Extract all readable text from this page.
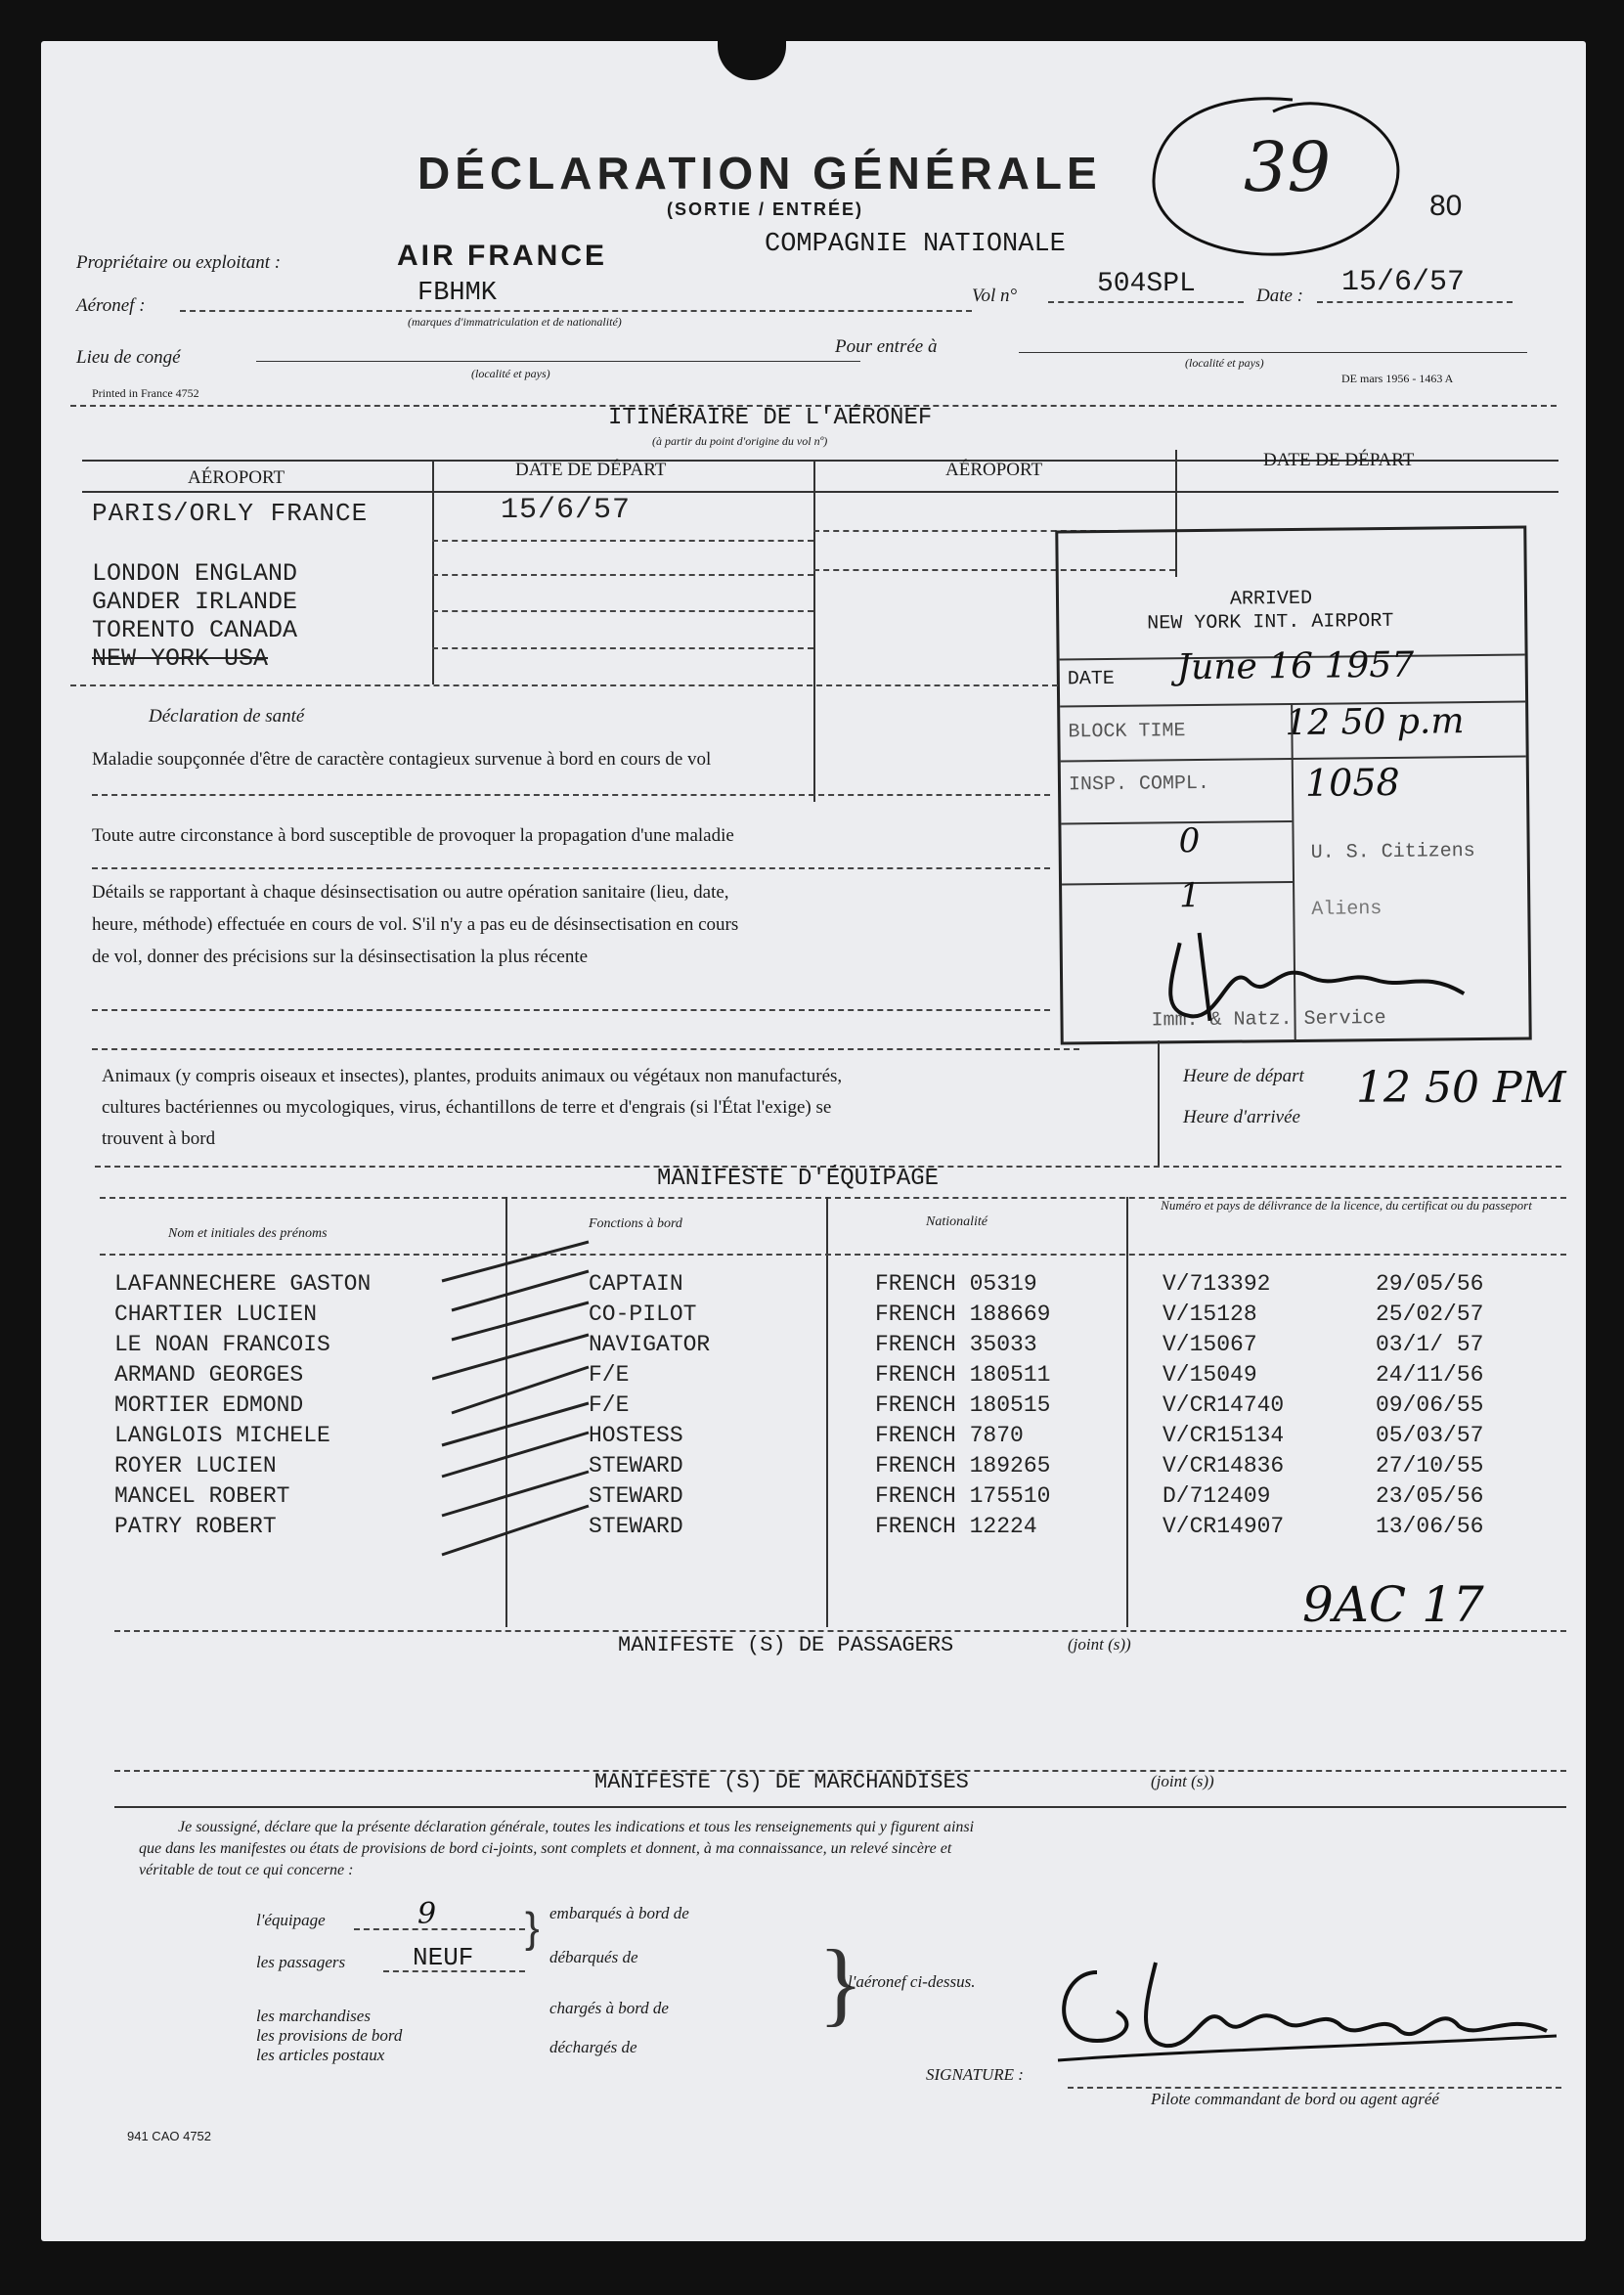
DÉCLARATION GÉNÉRALE
(SORTIE / ENTRÉE)
39	80
Propriétaire ou exploitant :	AIR FRANCE	COMPAGNIE NATIONALE
Aéronef :	FBHMK
(marques d'immatriculation et de nationalité)
Vol n°	504SPL	Date : 15/6/57
Lieu de congé
(localité et pays)
Pour entrée à
(localité et pays)
Printed in France 4752
DE mars 1956 - 1463 A
ITINÉRAIRE DE L'AÉRONEF
(à partir du point d'origine du vol nº)
AÉROPORT	DATE DE DÉPART	AÉROPORT	DATE DE DÉPART
PARIS/ORLY FRANCE	15/6/57
LONDON ENGLAND
GANDER IRLANDE
TORENTO CANADA
NEW YORK USA
ARRIVED
NEW YORK INT. AIRPORT
DATE June 16 1957
BLOCK TIME	12 50 p.m
INSP. COMPL.	1058
0	U. S. Citizens
1	Aliens
Imm. & Natz. Service
Déclaration de santé
Maladie soupçonnée d'être de caractère contagieux survenue à bord en cours de vol
Toute autre circonstance à bord susceptible de provoquer la propagation d'une maladie
Détails se rapportant à chaque désinsectisation ou autre opération sanitaire (lieu, date,
heure, méthode) effectuée en cours de vol. S'il n'y a pas eu de désinsectisation en cours
de vol, donner des précisions sur la désinsectisation la plus récente
Animaux (y compris oiseaux et insectes), plantes, produits animaux ou végétaux non manufacturés,
cultures bactériennes ou mycologiques, virus, échantillons de terre et d'engrais (si l'État l'exige) se
trouvent à bord
Heure de départ
Heure d'arrivée
12 50 PM
MANIFESTE D'ÉQUIPAGE
Nom et initiales des prénoms
Fonctions à bord	Nationalité
Numéro et pays de délivrance de la licence, du certificat ou du passeport
LAFANNECHERE GASTON	CAPTAIN	FRENCH 05319	V/713392	29/05/56
CHARTIER LUCIEN	CO-PILOT	FRENCH 188669	V/15128	25/02/57
LE NOAN FRANCOIS	NAVIGATOR	FRENCH 35033	V/15067	03/1/ 57
ARMAND GEORGES	F/E	FRENCH 180511	V/15049	24/11/56
MORTIER EDMOND	F/E	FRENCH 180515	V/CR14740	09/06/55
LANGLOIS MICHELE	HOSTESS	FRENCH 7870	V/CR15134	05/03/57
ROYER LUCIEN	STEWARD	FRENCH 189265	V/CR14836	27/10/55
MANCEL ROBERT	STEWARD	FRENCH 175510	D/712409	23/05/56
PATRY ROBERT	STEWARD	FRENCH 12224	V/CR14907	13/06/56
9AC 17
MANIFESTE (S) DE PASSAGERS	(joint (s))
MANIFESTE (S) DE MARCHANDISES	(joint (s))
Je soussigné, déclare que la présente déclaration générale, toutes les indications et tous les renseignements qui y figurent ainsi
que dans les manifestes ou états de provisions de bord ci-joints, sont complets et donnent, à ma connaissance, un relevé sincère et
véritable de tout ce qui concerne :
l'équipage	9	embarqués à bord de
les passagers	NEUF	débarqués de
les marchandises	chargés à bord de
les provisions de bord
déchargés de
les articles postaux
}
}
l'aéronef ci-dessus.
SIGNATURE :
Pilote commandant de bord ou agent agréé
941 CAO 4752
